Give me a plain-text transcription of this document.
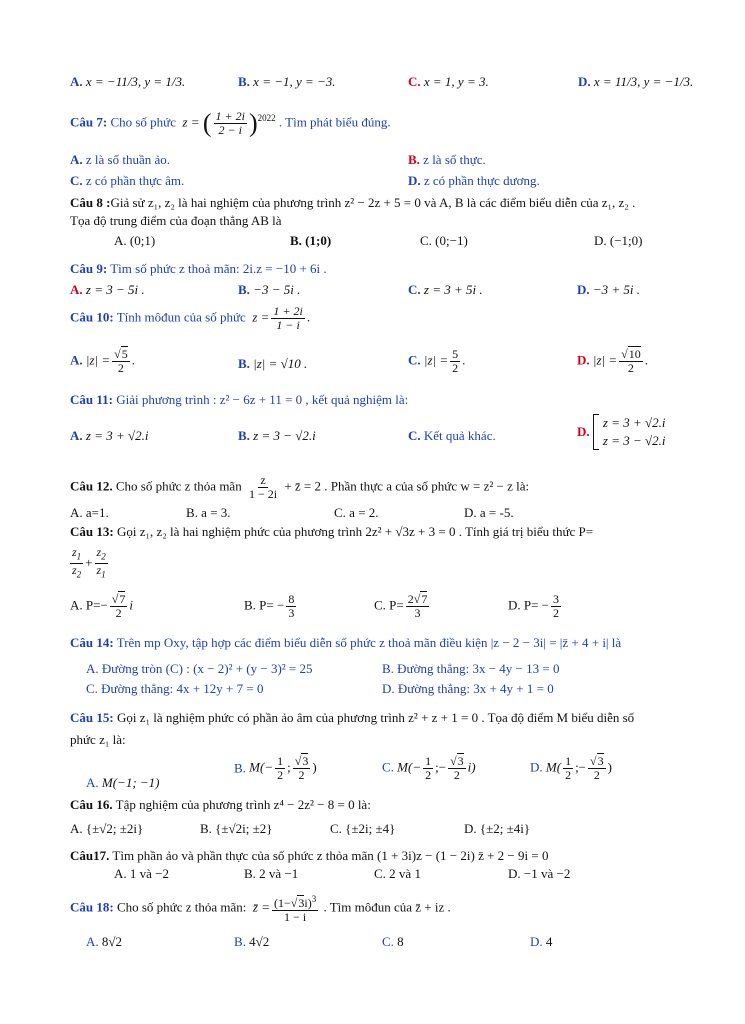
A. x = −11/3, y = 1/3.	B. x = −1, y = −3.	C. x = 1, y = 3.	D. x = 11/3, y = −1/3.
Câu 7: Cho số phức  z = ( $\frac{1 + 2i}{2 - i} )^{2022}$ . Tìm phát biểu đúng.
A. z là số thuần ảo.	B. z là số thực.
C. z có phần thực âm.	D. z có phần thực dương.
Câu 8 :Giả sử z₁, z₂ là hai nghiệm của phương trình z² − 2z + 5 = 0 và A, B là các điểm biểu diễn của z₁, z₂ .
Tọa độ trung điểm của đoạn thẳng AB là
A. (0;1)	B. (1;0)	C. (0;−1)	D. (−1;0)
Câu 9: Tìm số phức z thoả mãn: 2i.z = −10 + 6i .
A. z = 3 − 5i .	B. −3 − 5i .	C. z = 3 + 5i .	D. −3 + 5i .
Câu 10: Tính môđun của số phức  $z = \frac{1 + 2i}{1 - i}$ .
A. $|z| = \frac{√5}{2}$ .	B. |z| = √10 .	C. $|z| = \frac{5}{2}$ .	D. $|z| = \frac{√10}{2}$ .
Câu 11: Giải phương trình : z² − 6z + 11 = 0 , kết quả nghiệm là:
A. z = 3 + √2.i	B. z = 3 − √2.i	C. Kết quả khác.	D.
z = 3 + √2.i
z = 3 − √2.i
Câu 12. Cho số phức z thỏa mãn $\frac{z}{1 - 2i}$ + z̄ = 2 . Phần thực a của số phức w = z² − z là:
A. a=1.	B. a = 3.	C. a = 2.	D. a = -5.
Câu 13: Gọi z₁, z₂ là hai nghiệm phức của phương trình 2z² + √3z + 3 = 0 . Tính giá trị biểu thức P=
$\frac{z_1}{z_2} + \frac{z_2}{z_1}$
A. $P=- \frac{√7}{2}$ i	B. $P= - \frac{8}{3}$	C. $P= \frac{2√7}{3}$	D. $P= - \frac{3}{2}$
Câu 14: Trên mp Oxy, tập hợp các điểm biểu diễn số phức z thoả mãn điều kiện |z − 2 − 3i| = |z̄ + 4 + i| là
A. Đường tròn (C) : (x − 2)² + (y − 3)² = 25	B. Đường thẳng: 3x − 4y − 13 = 0
C. Đường thẳng: 4x + 12y + 7 = 0	D. Đường thẳng: 3x + 4y + 1 = 0
Câu 15: Gọi z₁ là nghiệm phức có phần ảo âm của phương trình z² + z + 1 = 0 . Tọa độ điểm M biểu diễn số
phức z₁ là:
A. M(−1; −1)
B. $M(- \frac{1}{2}$ ; $\frac{√3}{2}$ )	C. $M(- \frac{1}{2}$ ;− $\frac{√3}{2} i$)	D. $M( \frac{1}{2}$ ;− $\frac{√3}{2}$ )
Câu 16. Tập nghiệm của phương trình z⁴ − 2z² − 8 = 0 là:
A. {±√2; ±2i}	B. {±√2i; ±2}	C. {±2i; ±4}	D. {±2; ±4i}
Câu17. Tìm phần ảo và phần thực của số phức z thỏa mãn (1 + 3i)z − (1 − 2i) z̄ + 2 − 9i = 0
A. 1 và −2	B. 2 và −1	C. 2 và 1	D. −1 và −2
Câu 18: Cho số phức z thỏa mãn:  z̄ = $\frac{(1-√3i)^3}{1 - i}$ . Tìm môđun của z̄ + iz .
A. 8√2	B. 4√2	C. 8	D. 4
